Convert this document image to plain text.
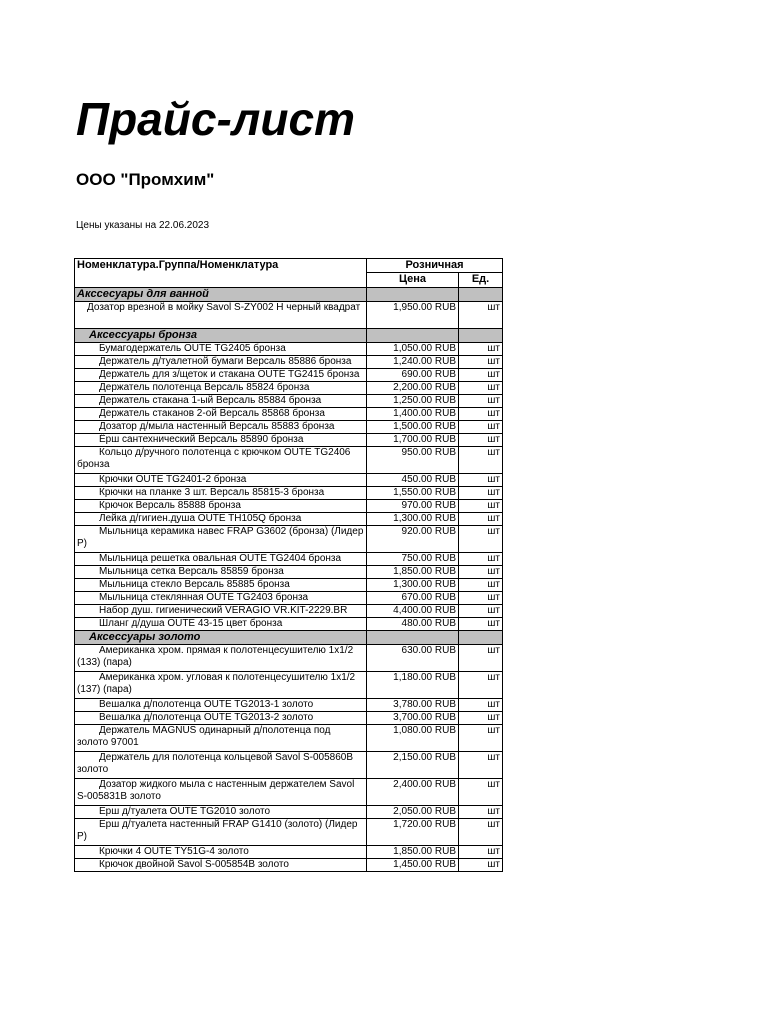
Прайс-лист
ООО "Промхим"
Цены указаны на 22.06.2023
Номенклатура.Группа/Номенклатура	Розничная	
	Цена	Ед.
Акссесуары для ванной		
Дозатор врезной в мойку Savol S-ZY002 H черный квадрат	1,950.00 RUB	шт
Аксессуары бронза		
Бумагодержатель OUTE TG2405 бронза	1,050.00 RUB	шт
Держатель д/туалетной бумаги Версаль 85886 бронза	1,240.00 RUB	шт
Держатель для з/щеток и стакана OUTE TG2415 бронза	690.00 RUB	шт
Держатель полотенца Версаль 85824 бронза	2,200.00 RUB	шт
Держатель стакана 1-ый Версаль 85884 бронза	1,250.00 RUB	шт
Держатель стаканов 2-ой Версаль 85868 бронза	1,400.00 RUB	шт
Дозатор д/мыла настенный Версаль 85883 бронза	1,500.00 RUB	шт
Ёрш сантехнический Версаль 85890 бронза	1,700.00 RUB	шт
Кольцо д/ручного полотенца с крючком OUTE TG2406 бронза	950.00 RUB	шт
Крючки OUTE TG2401-2 бронза	450.00 RUB	шт
Крючки на планке 3 шт. Версаль 85815-3 бронза	1,550.00 RUB	шт
Крючок Версаль 85888 бронза	970.00 RUB	шт
Лейка д/гигиен.душа OUTE TH105Q бронза	1,300.00 RUB	шт
Мыльница керамика навес FRAP G3602 (бронза) (Лидер Р)	920.00 RUB	шт
Мыльница решетка овальная OUTE TG2404 бронза	750.00 RUB	шт
Мыльница сетка Версаль 85859 бронза	1,850.00 RUB	шт
Мыльница стекло Версаль 85885 бронза	1,300.00 RUB	шт
Мыльница стеклянная OUTE TG2403 бронза	670.00 RUB	шт
Набор душ. гигиенический VERAGIO VR.KIT-2229.BR	4,400.00 RUB	шт
Шланг д/душа OUTE 43-15 цвет бронза	480.00 RUB	шт
Аксессуары золото		
Американка хром. прямая к полотенцесушителю 1х1/2 (133) (пара)	630.00 RUB	шт
Американка хром. угловая к полотенцесушителю 1х1/2 (137) (пара)	1,180.00 RUB	шт
Вешалка д/полотенца OUTE TG2013-1 золото	3,780.00 RUB	шт
Вешалка д/полотенца OUTE TG2013-2 золото	3,700.00 RUB	шт
Держатель MAGNUS одинарный д/полотенца под золото 97001	1,080.00 RUB	шт
Держатель для полотенца кольцевой Savol S-005860B золото	2,150.00 RUB	шт
Дозатор жидкого мыла с настенным держателем Savol S-005831B золото	2,400.00 RUB	шт
Ерш д/туалета OUTE TG2010 золото	2,050.00 RUB	шт
Ерш д/туалета настенный FRAP G1410 (золото) (Лидер Р)	1,720.00 RUB	шт
Крючки 4 OUTE TY51G-4 золото	1,850.00 RUB	шт
Крючок двойной Savol S-005854B золото	1,450.00 RUB	шт
